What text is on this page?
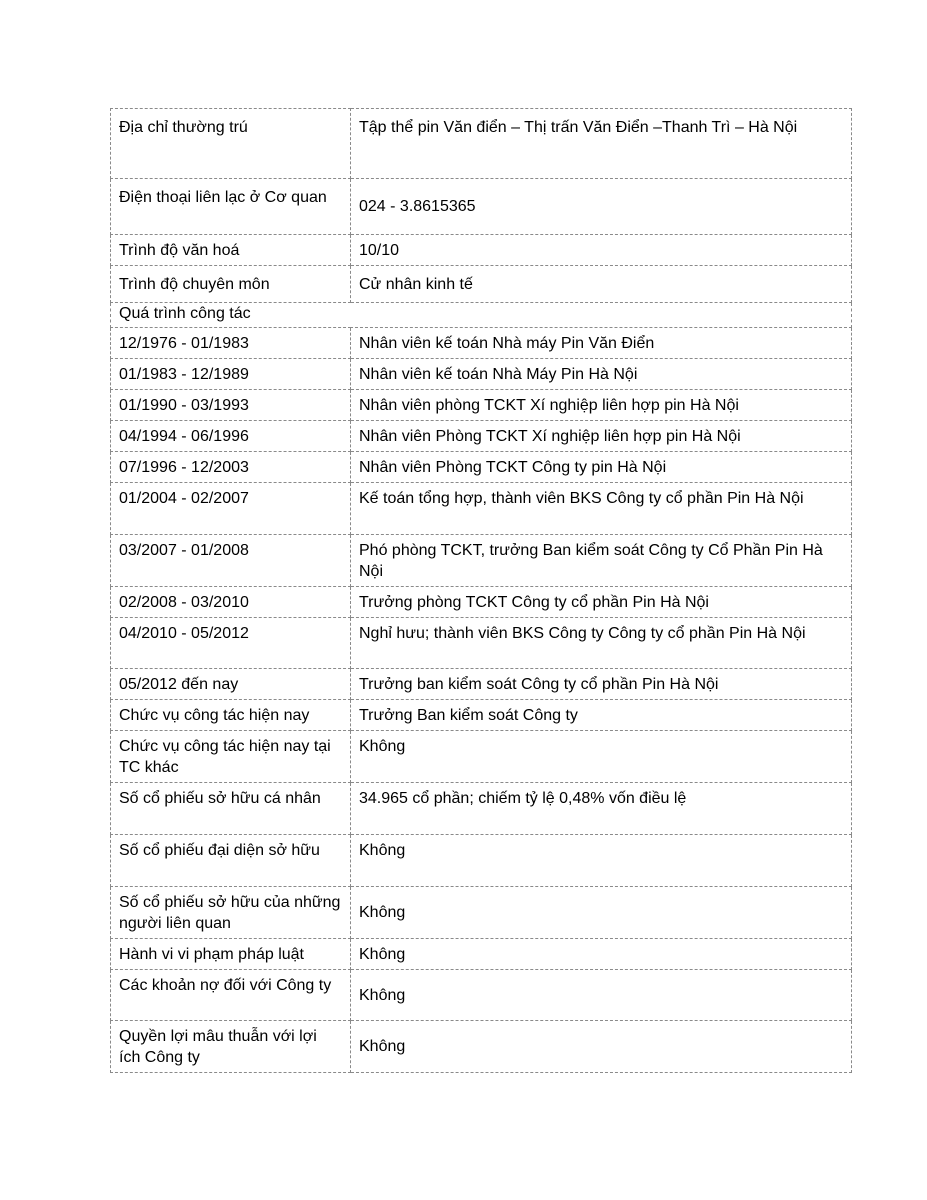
Địa chỉ thường trú	Tập thể pin Văn điển – Thị trấn Văn Điển –Thanh Trì – Hà Nội
Điện thoại liên lạc ở Cơ quan	024 - 3.8615365
Trình độ văn hoá	10/10
Trình độ chuyên môn	Cử nhân kinh tế
Quá trình công tác	
12/1976 - 01/1983	Nhân viên kế toán Nhà máy Pin Văn Điển
01/1983 - 12/1989	Nhân viên kế toán Nhà Máy Pin Hà Nội
01/1990 - 03/1993	Nhân viên phòng TCKT Xí nghiệp liên hợp pin Hà Nội
04/1994 - 06/1996	Nhân viên Phòng TCKT Xí nghiệp liên hợp pin Hà Nội
07/1996 - 12/2003	Nhân viên Phòng TCKT Công ty pin Hà Nội
01/2004 - 02/2007	Kế toán tổng hợp, thành viên BKS Công ty cổ phần Pin Hà Nội
03/2007 - 01/2008	Phó phòng TCKT, trưởng Ban kiểm soát Công ty Cổ Phần Pin Hà Nội
02/2008 - 03/2010	Trưởng phòng TCKT Công ty cổ phần Pin Hà Nội
04/2010 - 05/2012	Nghỉ hưu; thành viên BKS Công ty Công ty cổ phần Pin Hà Nội
05/2012 đến nay	Trưởng ban kiểm soát Công ty cổ phần Pin Hà Nội
Chức vụ công tác hiện nay	Trưởng Ban kiểm soát Công ty
Chức vụ công tác hiện nay tại TC khác	Không
Số cổ phiếu sở hữu cá nhân	34.965 cổ phần; chiếm tỷ lệ 0,48% vốn điều lệ
Số cổ phiếu đại diện sở hữu	Không
Số cổ phiếu sở hữu của những người liên quan	Không
Hành vi vi phạm pháp luật	Không
Các khoản nợ đối với Công ty	Không
Quyền lợi mâu thuẫn với lợi ích Công ty	Không
